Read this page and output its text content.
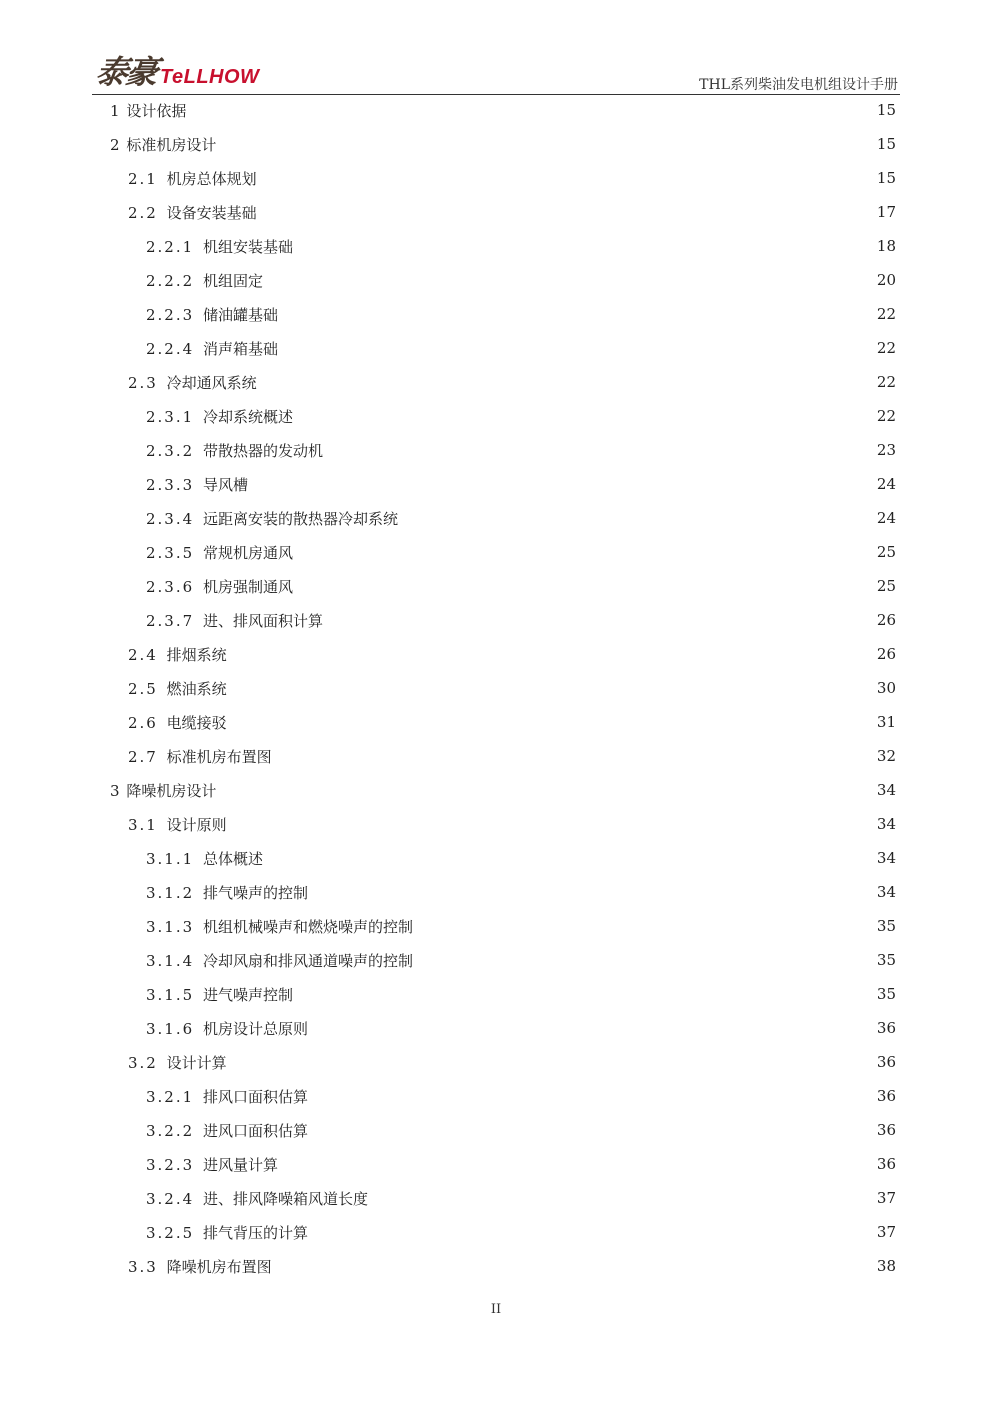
泰豪 TeLLHOW	THL系列柴油发电机组设计手册
1 设计依据	15
2 标准机房设计	15
2.1 机房总体规划	15
2.2 设备安装基础	17
2.2.1 机组安装基础	18
2.2.2 机组固定	20
2.2.3 储油罐基础	22
2.2.4 消声箱基础	22
2.3 冷却通风系统	22
2.3.1 冷却系统概述	22
2.3.2 带散热器的发动机	23
2.3.3 导风槽	24
2.3.4 远距离安装的散热器冷却系统	24
2.3.5 常规机房通风	25
2.3.6 机房强制通风	25
2.3.7 进、排风面积计算	26
2.4 排烟系统	26
2.5 燃油系统	30
2.6 电缆接驳	31
2.7 标准机房布置图	32
3 降噪机房设计	34
3.1 设计原则	34
3.1.1 总体概述	34
3.1.2 排气噪声的控制	34
3.1.3 机组机械噪声和燃烧噪声的控制	35
3.1.4 冷却风扇和排风通道噪声的控制	35
3.1.5 进气噪声控制	35
3.1.6 机房设计总原则	36
3.2 设计计算	36
3.2.1 排风口面积估算	36
3.2.2 进风口面积估算	36
3.2.3 进风量计算	36
3.2.4 进、排风降噪箱风道长度	37
3.2.5 排气背压的计算	37
3.3 降噪机房布置图	38
II
